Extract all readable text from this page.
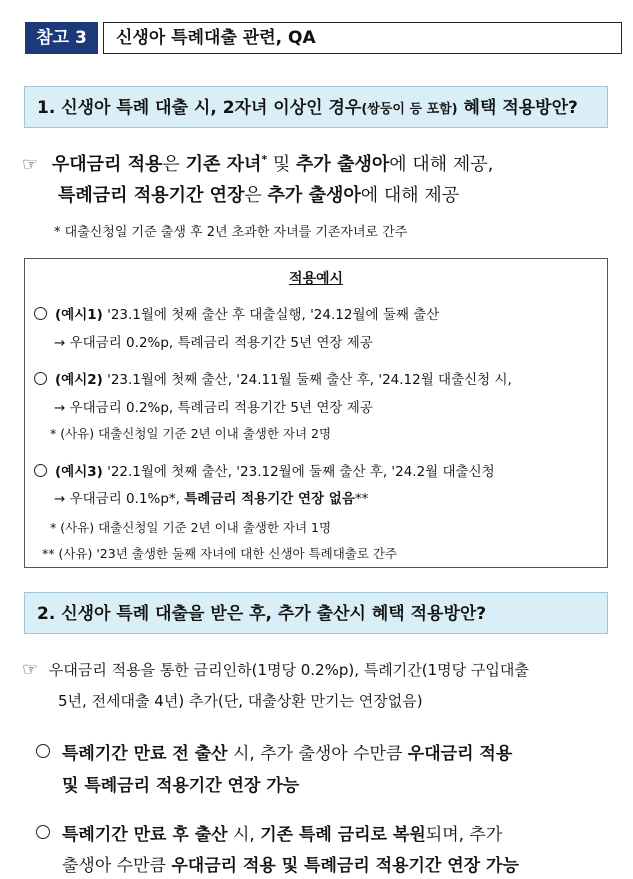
참고 3	신생아 특례대출 관련, QA
1. 신생아 특례 대출 시, 2자녀 이상인 경우(쌍둥이 등 포함) 혜택 적용방안?
☞ 우대금리 적용은 기존 자녀* 및 추가 출생아에 대해 제공,
특례금리 적용기간 연장은 추가 출생아에 대해 제공
* 대출신청일 기준 출생 후 2년 초과한 자녀를 기존자녀로 간주
적용예시
(예시1) '23.1월에 첫째 출산 후 대출실행, '24.12월에 둘째 출산
→ 우대금리 0.2%p, 특례금리 적용기간 5년 연장 제공
(예시2) '23.1월에 첫째 출산, '24.11월 둘째 출산 후, '24.12월 대출신청 시,
→ 우대금리 0.2%p, 특례금리 적용기간 5년 연장 제공
* (사유) 대출신청일 기준 2년 이내 출생한 자녀 2명
(예시3) '22.1월에 첫째 출산, '23.12월에 둘째 출산 후, '24.2월 대출신청
→ 우대금리 0.1%p*, 특례금리 적용기간 연장 없음**
* (사유) 대출신청일 기준 2년 이내 출생한 자녀 1명
** (사유) '23년 출생한 둘째 자녀에 대한 신생아 특례대출로 간주
2. 신생아 특례 대출을 받은 후, 추가 출산시 혜택 적용방안?
☞ 우대금리 적용을 통한 금리인하(1명당 0.2%p), 특례기간(1명당 구입대출
5년, 전세대출 4년) 추가(단, 대출상환 만기는 연장없음)
특례기간 만료 전 출산 시, 추가 출생아 수만큼 우대금리 적용
및 특례금리 적용기간 연장 가능
특례기간 만료 후 출산 시, 기존 특례 금리로 복원되며, 추가
출생아 수만큼 우대금리 적용 및 특례금리 적용기간 연장 가능
